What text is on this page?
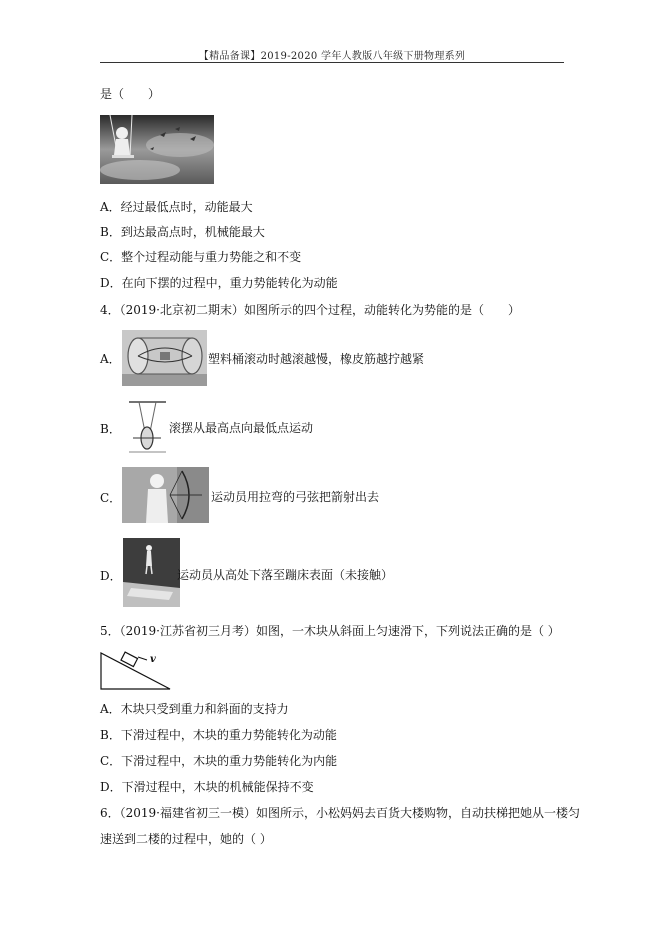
【精品备课】2019-2020 学年人教版八年级下册物理系列
是（　　）
A．经过最低点时，动能最大
B．到达最高点时，机械能最大
C．整个过程动能与重力势能之和不变
D．在向下摆的过程中，重力势能转化为动能
4．（2019·北京初二期末）如图所示的四个过程，动能转化为势能的是（　　）
A．	塑料桶滚动时越滚越慢，橡皮筋越拧越紧
B．	滚摆从最高点向最低点运动
C．	运动员用拉弯的弓弦把箭射出去
D．	运动员从高处下落至蹦床表面（未接触）
5．（2019·江苏省初三月考）如图，一木块从斜面上匀速滑下，下列说法正确的是（ ）
v
A．木块只受到重力和斜面的支持力
B．下滑过程中，木块的重力势能转化为动能
C．下滑过程中，木块的重力势能转化为内能
D．下滑过程中，木块的机械能保持不变
6．（2019·福建省初三一模）如图所示，小松妈妈去百货大楼购物，自动扶梯把她从一楼匀
速送到二楼的过程中，她的（ ）
